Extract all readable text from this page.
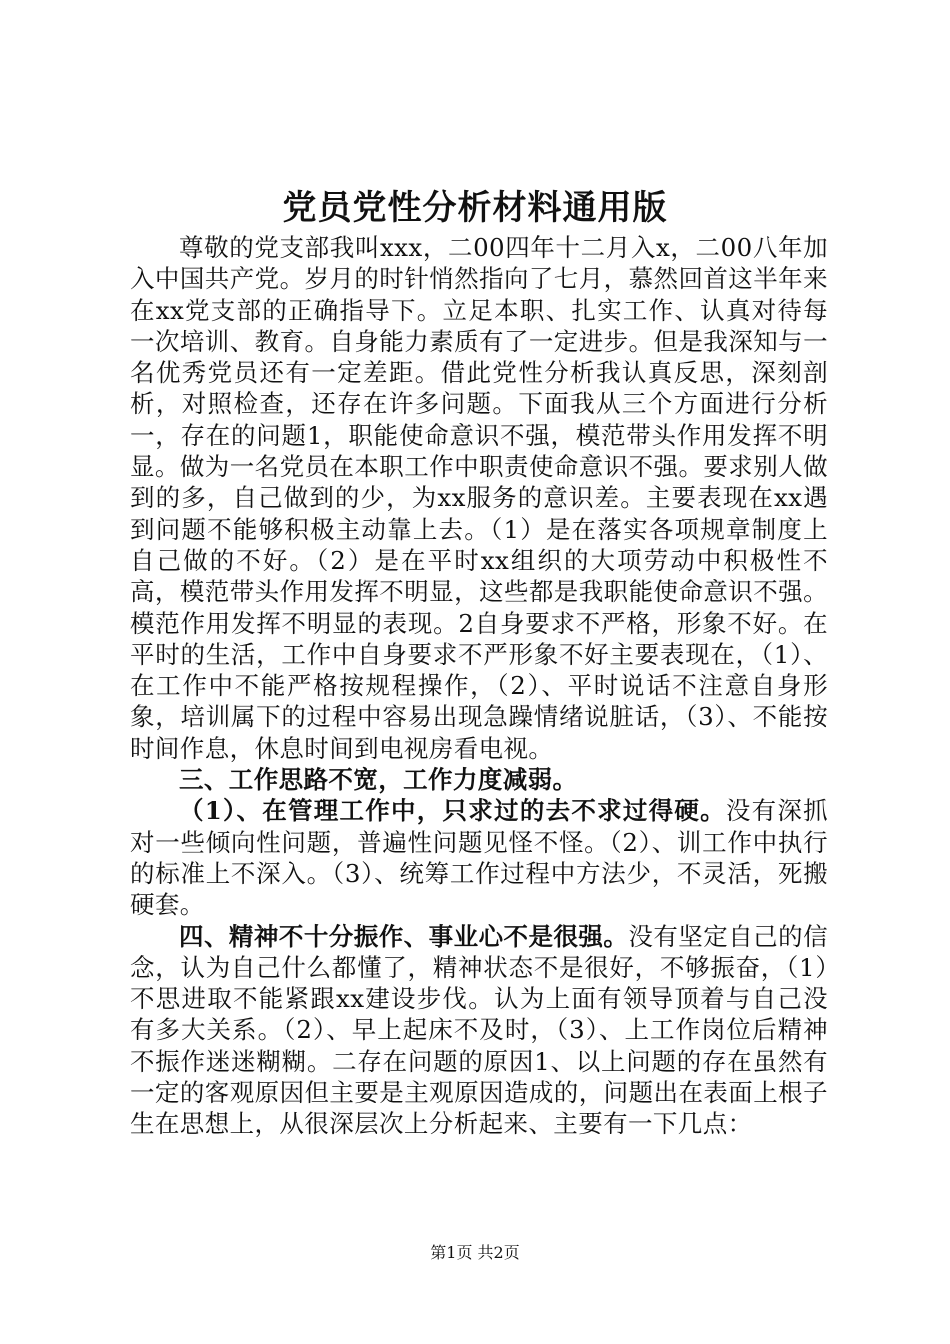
党员党性分析材料通用版

尊敬的党支部我叫xxx，二00四年十二月入x，二00八年加入中国共产党。岁月的时针悄然指向了七月，慕然回首这半年来在xx党支部的正确指导下。立足本职、扎实工作、认真对待每一次培训、教育。自身能力素质有了一定进步。但是我深知与一名优秀党员还有一定差距。借此党性分析我认真反思，深刻剖析，对照检查，还存在许多问题。下面我从三个方面进行分析一，存在的问题1，职能使命意识不强，模范带头作用发挥不明显。做为一名党员在本职工作中职责使命意识不强。要求别人做到的多，自己做到的少，为xx服务的意识差。主要表现在xx遇到问题不能够积极主动靠上去。（1）是在落实各项规章制度上自己做的不好。（2）是在平时xx组织的大项劳动中积极性不高，模范带头作用发挥不明显，这些都是我职能使命意识不强。模范作用发挥不明显的表现。2自身要求不严格，形象不好。在平时的生活，工作中自身要求不严形象不好主要表现在，（1）、在工作中不能严格按规程操作，（2）、平时说话不注意自身形象，培训属下的过程中容易出现急躁情绪说脏话，（3）、不能按时间作息，休息时间到电视房看电视。

三、工作思路不宽，工作力度减弱。

（1）、在管理工作中，只求过的去不求过得硬。没有深抓对一些倾向性问题，普遍性问题见怪不怪。（2）、训工作中执行的标准上不深入。（3）、统筹工作过程中方法少，不灵活，死搬硬套。

四、精神不十分振作、事业心不是很强。没有坚定自己的信念，认为自己什么都懂了，精神状态不是很好，不够振奋，（1）不思进取不能紧跟xx建设步伐。认为上面有领导顶着与自己没有多大关系。（2）、早上起床不及时，（3）、上工作岗位后精神不振作迷迷糊糊。二存在问题的原因1、以上问题的存在虽然有一定的客观原因但主要是主观原因造成的，问题出在表面上根子生在思想上，从很深层次上分析起来、主要有一下几点：

第1页 共2页
